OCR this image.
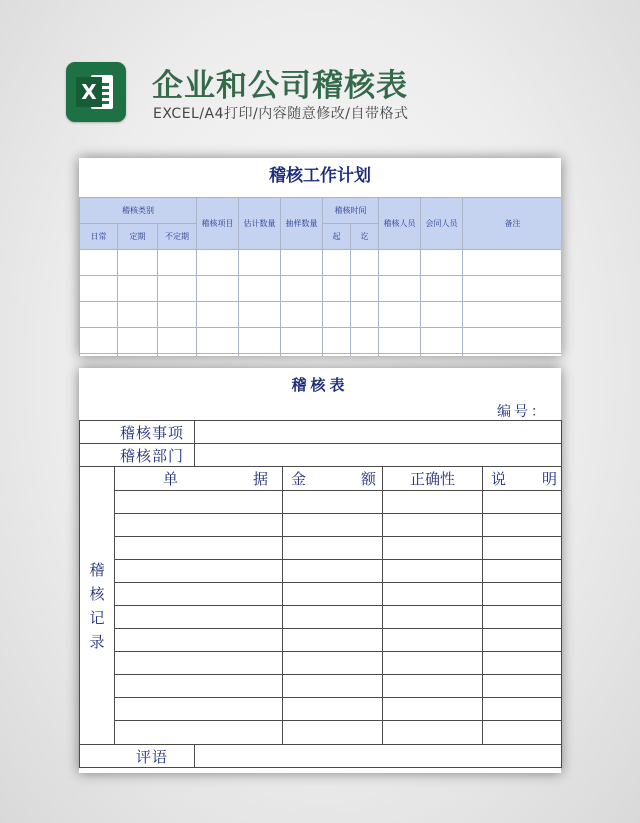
X 企业和公司稽核表
EXCEL/A4打印/内容随意修改/自带格式
稽核工作计划
稽核类别			稽核项目	估计数量	抽样数量	稽核时间		稽核人员	会同人员	备注
日常	定期	不定期				起	讫			

稽核表
编号：
稽核事项					
稽核部门					

稽
核
记
录	单　据		金　额	正确性	说　明

评语					
